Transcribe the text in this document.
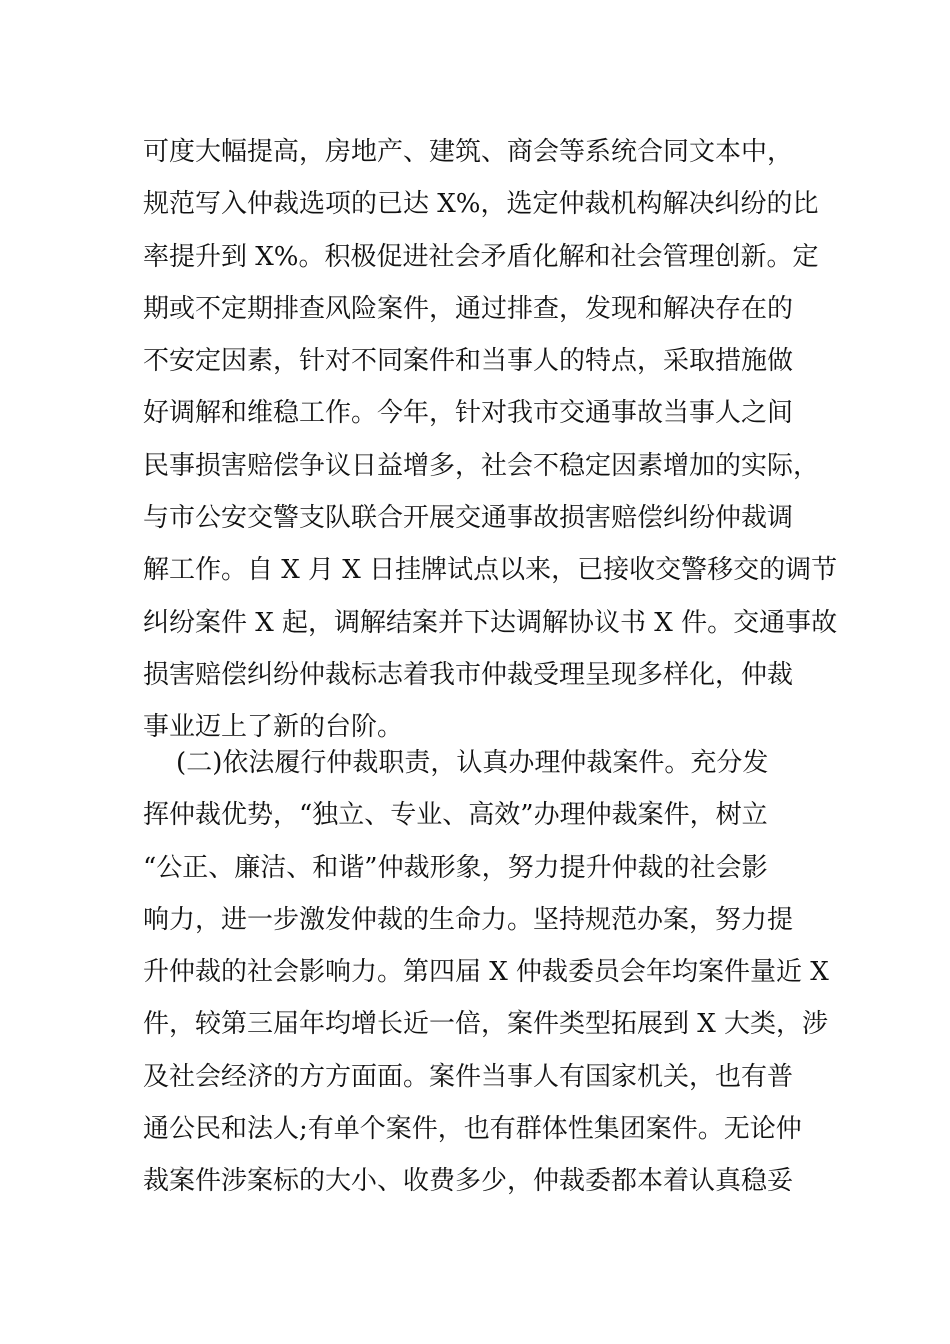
可度大幅提高，房地产、建筑、商会等系统合同文本中，
规范写入仲裁选项的已达 X%，选定仲裁机构解决纠纷的比
率提升到 X%。积极促进社会矛盾化解和社会管理创新。定
期或不定期排查风险案件，通过排查，发现和解决存在的
不安定因素，针对不同案件和当事人的特点，采取措施做
好调解和维稳工作。今年，针对我市交通事故当事人之间
民事损害赔偿争议日益增多，社会不稳定因素增加的实际，
与市公安交警支队联合开展交通事故损害赔偿纠纷仲裁调
解工作。自 X 月 X 日挂牌试点以来，已接收交警移交的调节
纠纷案件 X 起，调解结案并下达调解协议书 X 件。交通事故
损害赔偿纠纷仲裁标志着我市仲裁受理呈现多样化，仲裁
事业迈上了新的台阶。
(二)依法履行仲裁职责，认真办理仲裁案件。充分发
挥仲裁优势，“独立、专业、高效”办理仲裁案件，树立
“公正、廉洁、和谐”仲裁形象，努力提升仲裁的社会影
响力，进一步激发仲裁的生命力。坚持规范办案，努力提
升仲裁的社会影响力。第四届 X 仲裁委员会年均案件量近 X
件，较第三届年均增长近一倍，案件类型拓展到 X 大类，涉
及社会经济的方方面面。案件当事人有国家机关，也有普
通公民和法人;有单个案件，也有群体性集团案件。无论仲
裁案件涉案标的大小、收费多少，仲裁委都本着认真稳妥
